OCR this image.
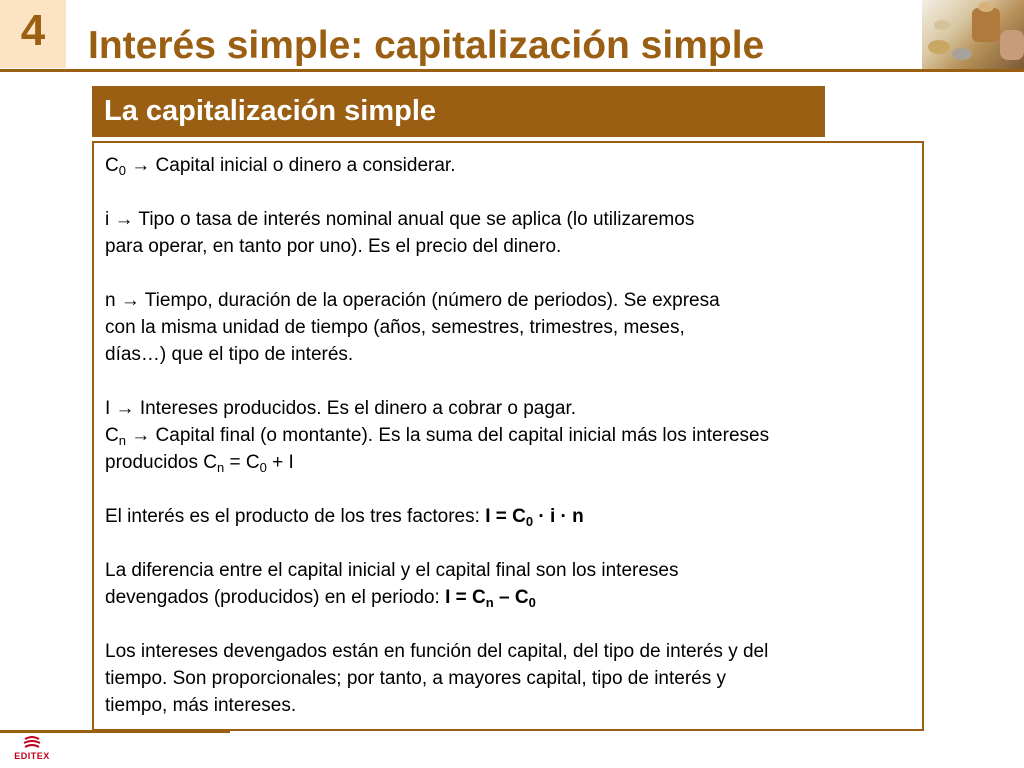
4	Interés simple: capitalización simple
La capitalización simple

$C_0$ → Capital inicial o dinero a considerar.

i → Tipo o tasa de interés nominal anual que se aplica (lo utilizaremos
para operar, en tanto por uno). Es el precio del dinero.

n → Tiempo, duración de la operación (número de periodos). Se expresa
con la misma unidad de tiempo (años, semestres, trimestres, meses,
días…) que el tipo de interés.

I → Intereses producidos. Es el dinero a cobrar o pagar.

$C_n$ → Capital final (o montante). Es la suma del capital inicial más los intereses
producidos $C_n = C_0 + I$

El interés es el producto de los tres factores: $I = C_0 \cdot i \cdot n$

La diferencia entre el capital inicial y el capital final son los intereses
devengados (producidos) en el periodo: $I = C_n - C_0$

Los intereses devengados están en función del capital, del tipo de interés y del
tiempo. Son proporcionales; por tanto, a mayores capital, tipo de interés y
tiempo, más intereses.

EDITEX
